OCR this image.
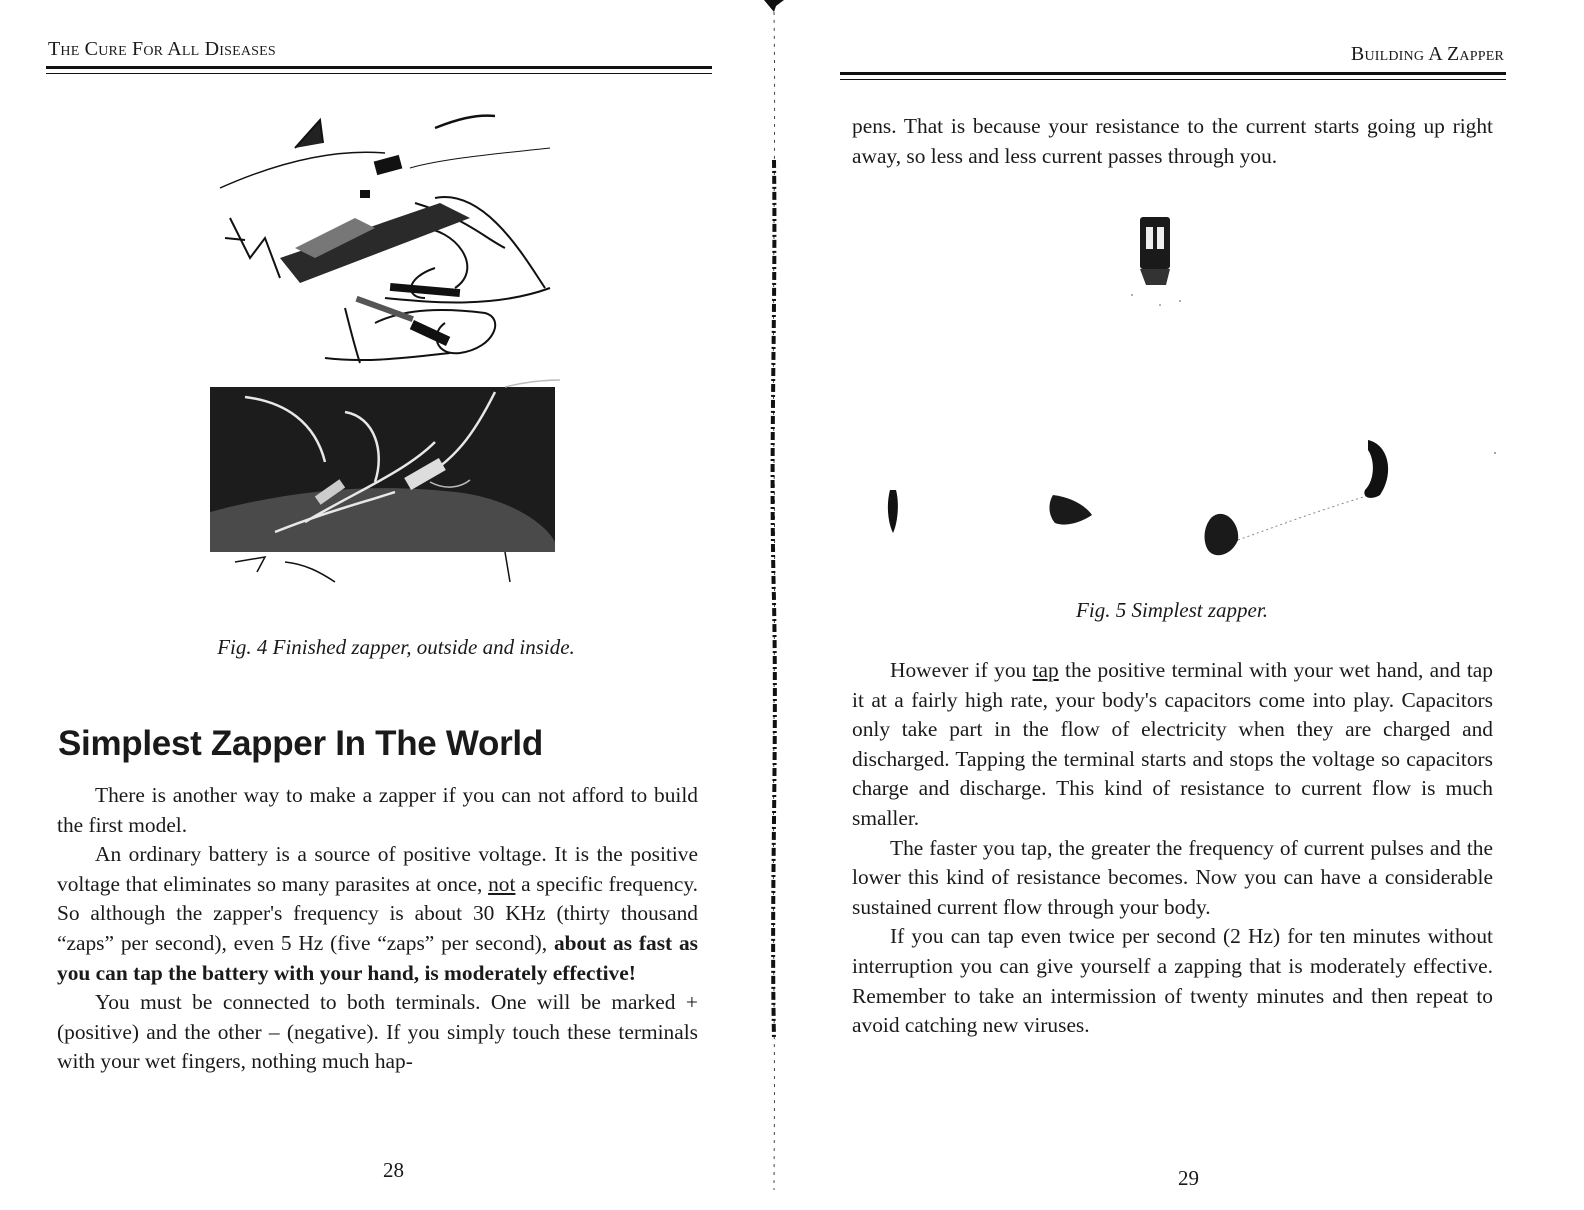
The Cure For All Diseases
Fig. 4 Finished zapper, outside and inside.
Simplest Zapper In The World

There is another way to make a zapper if you can not afford to build the first model.

An ordinary battery is a source of positive voltage. It is the positive voltage that eliminates so many parasites at once, not a specific frequency. So although the zapper's frequency is about 30 KHz (thirty thousand “zaps” per second), even 5 Hz (five “zaps” per second), about as fast as you can tap the battery with your hand, is moderately effective!

You must be connected to both terminals. One will be marked + (positive) and the other – (negative). If you simply touch these terminals with your wet fingers, nothing much hap-

28
Building A Zapper

pens. That is because your resistance to the current starts going up right away, so less and less current passes through you.

Fig. 5 Simplest zapper.

However if you tap the positive terminal with your wet hand, and tap it at a fairly high rate, your body's capacitors come into play. Capacitors only take part in the flow of electricity when they are charged and discharged. Tapping the terminal starts and stops the voltage so capacitors charge and discharge. This kind of resistance to current flow is much smaller.

The faster you tap, the greater the frequency of current pulses and the lower this kind of resistance becomes. Now you can have a considerable sustained current flow through your body.

If you can tap even twice per second (2 Hz) for ten minutes without interruption you can give yourself a zapping that is moderately effective. Remember to take an intermission of twenty minutes and then repeat to avoid catching new viruses.

29
